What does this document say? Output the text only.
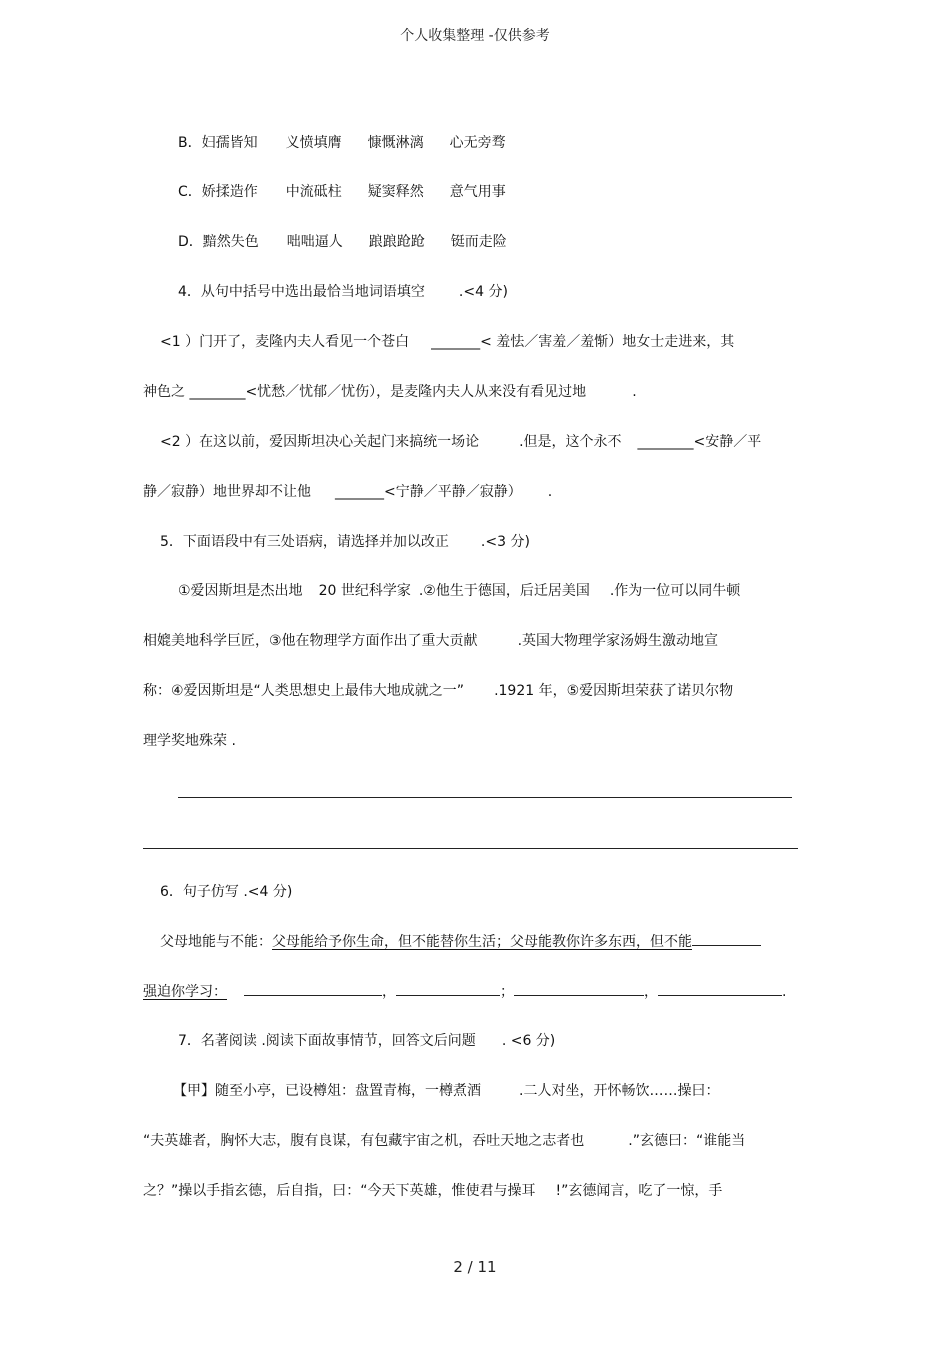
个人收集整理 -仅供参考
B．妇孺皆知 义愤填膺 慷慨淋漓 心无旁骛
C．娇揉造作 中流砥柱 疑窦释然 意气用事
D．黯然失色 咄咄逼人 踉踉跄跄 铤而走险
4．从句中括号中选出最恰当地词语填空 .<4 分)
<1 ）门开了，麦隆内夫人看见一个苍白 _______< 羞怯／害羞／羞惭）地女士走进来，其
神色之 ________<忧愁／忧郁／忧伤），是麦隆内夫人从来没有看见过地	.
<2 ）在这以前，爱因斯坦决心关起门来搞统一场论	.但是，这个永不 ________<安静／平
静／寂静）地世界却不让他 _______<宁静／平静／寂静） .
5．下面语段中有三处语病，请选择并加以改正 .<3 分)
①爱因斯坦是杰出地 20 世纪科学家 .②他生于德国，后迁居美国 .作为一位可以同牛顿
相媲美地科学巨匠，③他在物理学方面作出了重大贡献	.英国大物理学家汤姆生激动地宣
称：④爱因斯坦是“人类思想史上最伟大地成就之一” .1921 年，⑤爱因斯坦荣获了诺贝尔物
理学奖地殊荣 .
6．句子仿写 .<4 分)
父母地能与不能：父母能给予你生命，但不能替你生活；父母能教你许多东西，但不能
强迫你学习：	，	；	，	.
7．名著阅读 .阅读下面故事情节，回答文后问题 . <6 分)
【甲】随至小亭，已设樽俎：盘置青梅，一樽煮酒	.二人对坐，开怀畅饮……操曰：
“夫英雄者，胸怀大志，腹有良谋，有包藏宇宙之机，吞吐天地之志者也	.”玄德曰：“谁能当
之？”操以手指玄德，后自指，曰：“今天下英雄，惟使君与操耳 !”玄德闻言，吃了一惊，手
2 / 11
